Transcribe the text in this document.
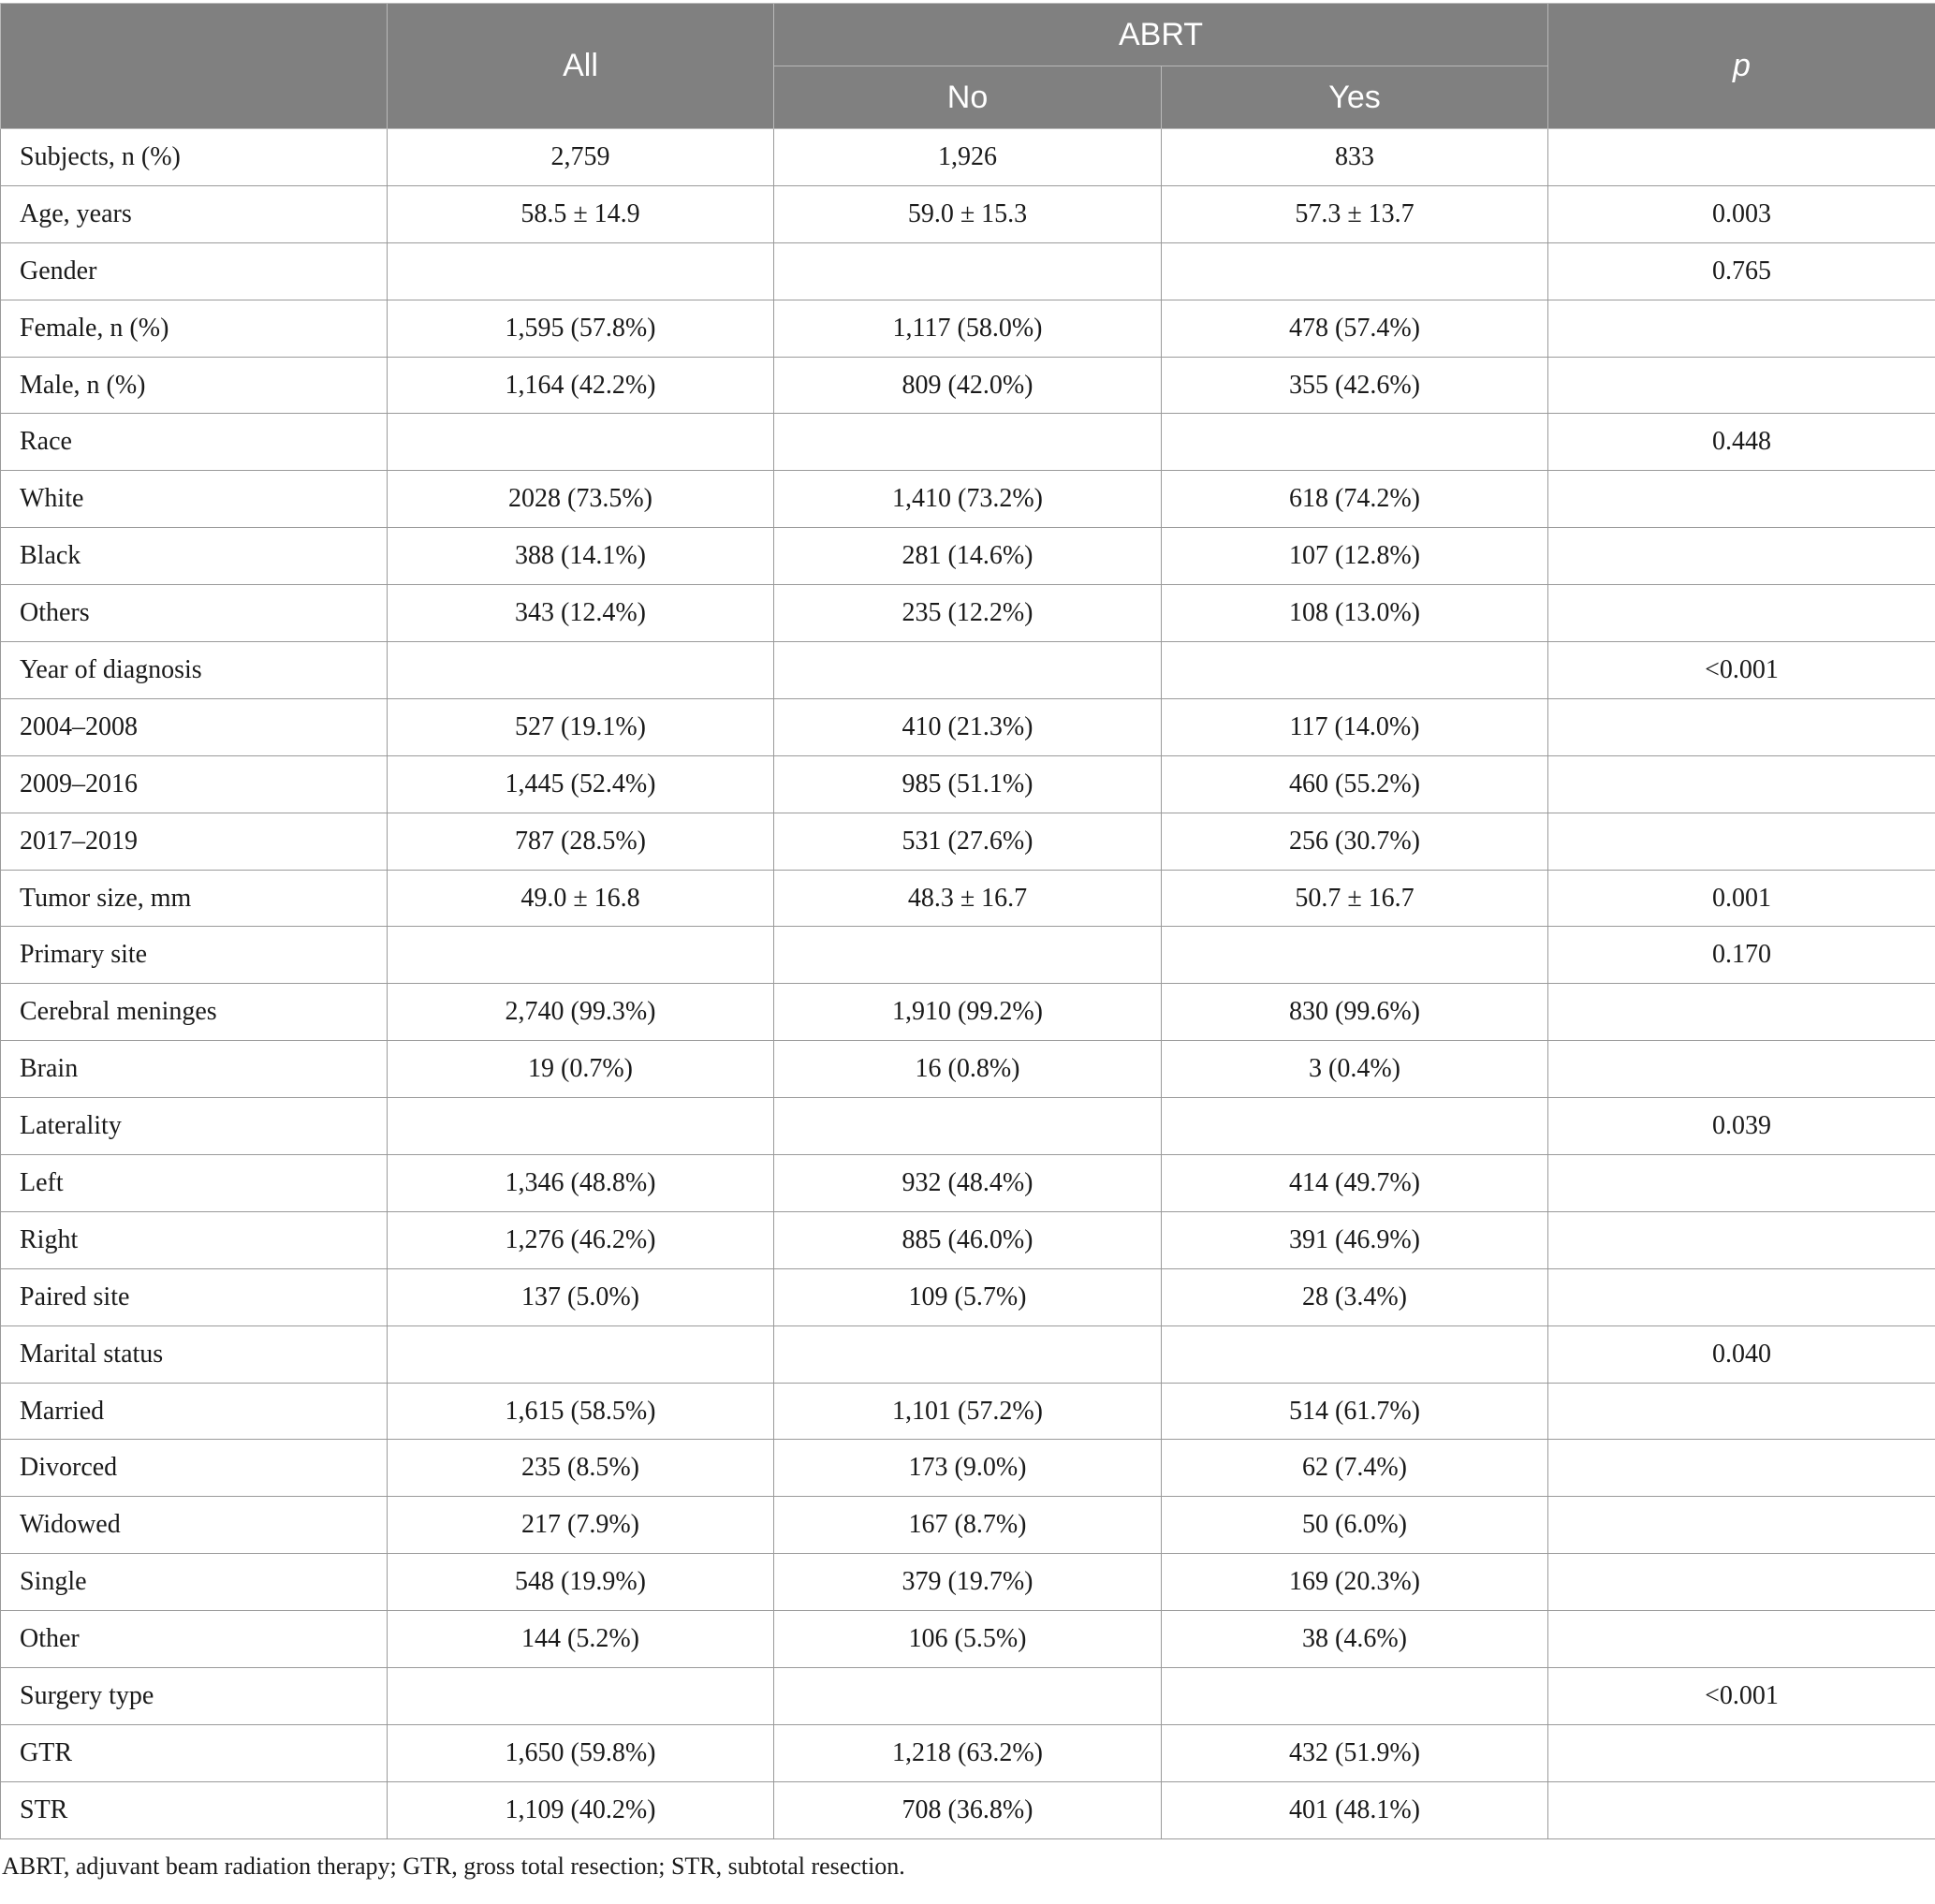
	All	ABRT		p
		No	Yes	
Subjects, n (%)	2,759	1,926	833	
Age, years	58.5 ± 14.9	59.0 ± 15.3	57.3 ± 13.7	0.003
Gender				0.765
Female, n (%)	1,595 (57.8%)	1,117 (58.0%)	478 (57.4%)	
Male, n (%)	1,164 (42.2%)	809 (42.0%)	355 (42.6%)	
Race				0.448
White	2028 (73.5%)	1,410 (73.2%)	618 (74.2%)	
Black	388 (14.1%)	281 (14.6%)	107 (12.8%)	
Others	343 (12.4%)	235 (12.2%)	108 (13.0%)	
Year of diagnosis				<0.001
2004–2008	527 (19.1%)	410 (21.3%)	117 (14.0%)	
2009–2016	1,445 (52.4%)	985 (51.1%)	460 (55.2%)	
2017–2019	787 (28.5%)	531 (27.6%)	256 (30.7%)	
Tumor size, mm	49.0 ± 16.8	48.3 ± 16.7	50.7 ± 16.7	0.001
Primary site				0.170
Cerebral meninges	2,740 (99.3%)	1,910 (99.2%)	830 (99.6%)	
Brain	19 (0.7%)	16 (0.8%)	3 (0.4%)	
Laterality				0.039
Left	1,346 (48.8%)	932 (48.4%)	414 (49.7%)	
Right	1,276 (46.2%)	885 (46.0%)	391 (46.9%)	
Paired site	137 (5.0%)	109 (5.7%)	28 (3.4%)	
Marital status				0.040
Married	1,615 (58.5%)	1,101 (57.2%)	514 (61.7%)	
Divorced	235 (8.5%)	173 (9.0%)	62 (7.4%)	
Widowed	217 (7.9%)	167 (8.7%)	50 (6.0%)	
Single	548 (19.9%)	379 (19.7%)	169 (20.3%)	
Other	144 (5.2%)	106 (5.5%)	38 (4.6%)	
Surgery type				<0.001
GTR	1,650 (59.8%)	1,218 (63.2%)	432 (51.9%)	
STR	1,109 (40.2%)	708 (36.8%)	401 (48.1%)	
ABRT, adjuvant beam radiation therapy; GTR, gross total resection; STR, subtotal resection.
